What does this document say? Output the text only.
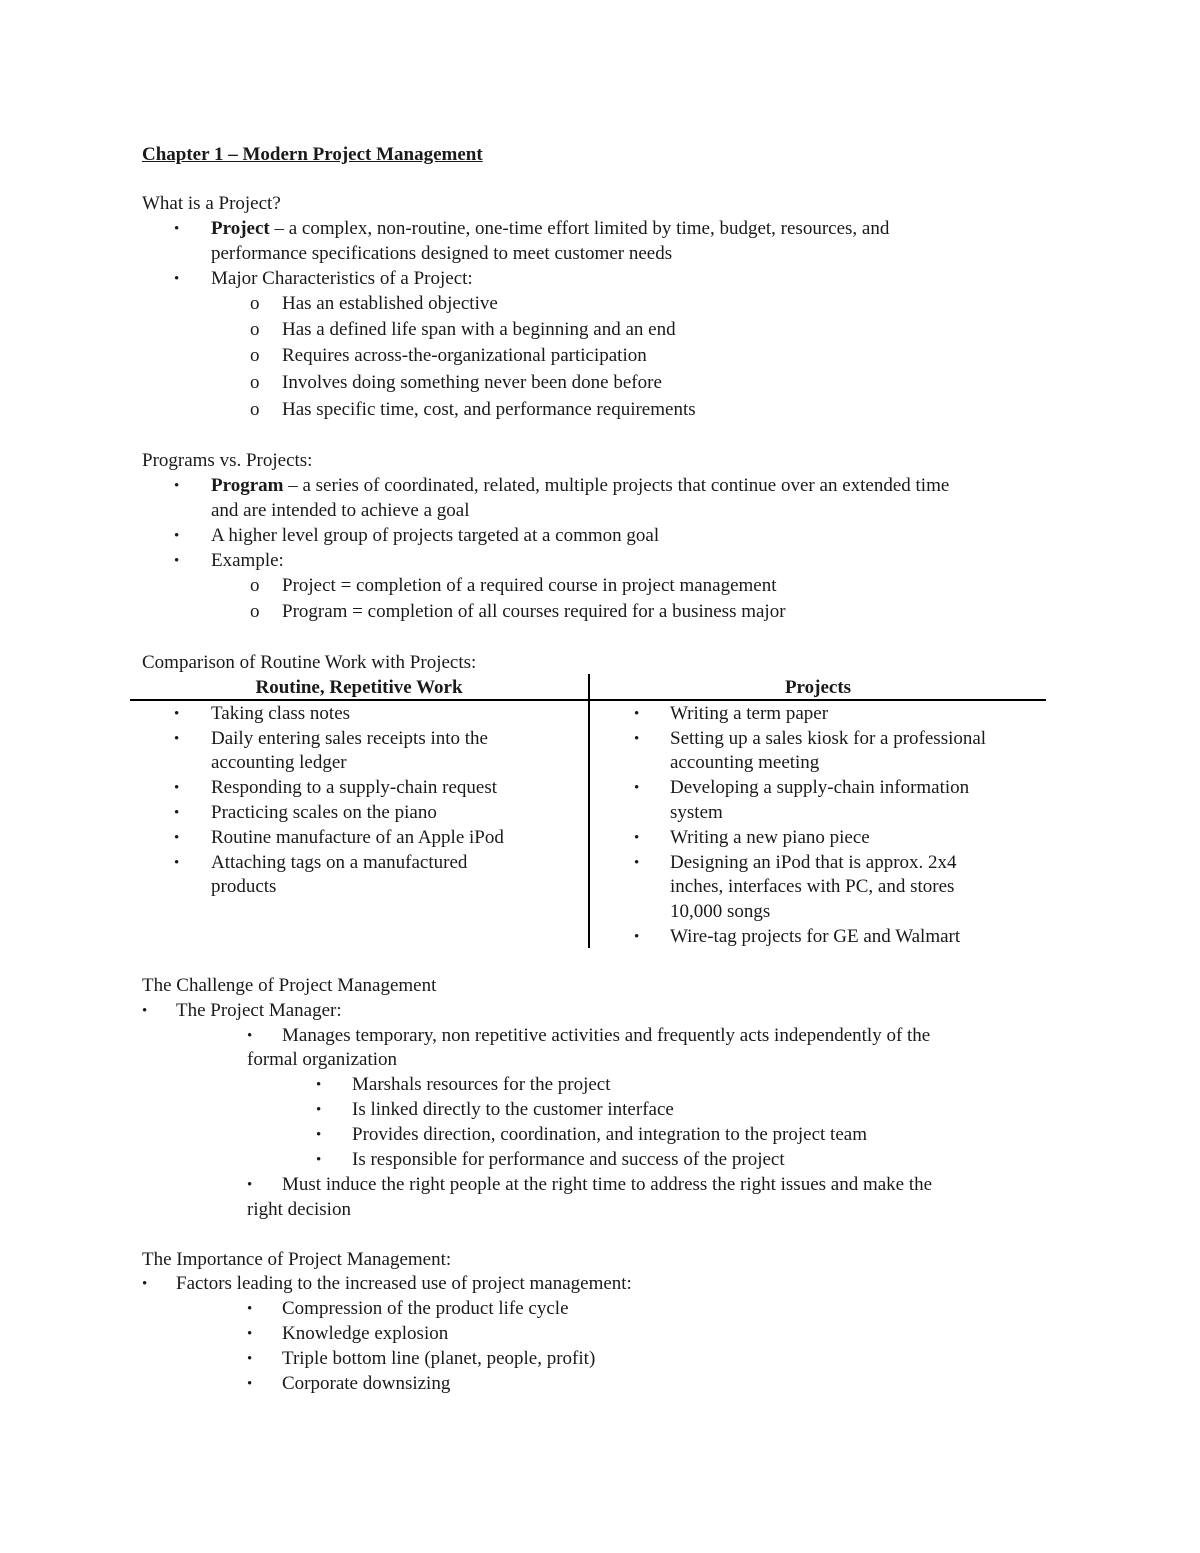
Chapter 1 – Modern Project Management
What is a Project?
• Project – a complex, non-routine, one-time effort limited by time, budget, resources, and
performance specifications designed to meet customer needs
• Major Characteristics of a Project:
o Has an established objective
o Has a defined life span with a beginning and an end
o Requires across-the-organizational participation
o Involves doing something never been done before
o Has specific time, cost, and performance requirements
Programs vs. Projects:
• Program – a series of coordinated, related, multiple projects that continue over an extended time
and are intended to achieve a goal
• A higher level group of projects targeted at a common goal
• Example:
o Project = completion of a required course in project management
o Program = completion of all courses required for a business major
Comparison of Routine Work with Projects:
Routine, Repetitive Work	Projects
• Taking class notes
• Daily entering sales receipts into the
accounting ledger
• Responding to a supply-chain request
• Practicing scales on the piano
• Routine manufacture of an Apple iPod
• Attaching tags on a manufactured
products
• Writing a term paper
• Setting up a sales kiosk for a professional
accounting meeting
• Developing a supply-chain information
system
• Writing a new piano piece
• Designing an iPod that is approx. 2x4
inches, interfaces with PC, and stores
10,000 songs
• Wire-tag projects for GE and Walmart
The Challenge of Project Management
• The Project Manager:
• Manages temporary, non repetitive activities and frequently acts independently of the
formal organization
• Marshals resources for the project
• Is linked directly to the customer interface
• Provides direction, coordination, and integration to the project team
• Is responsible for performance and success of the project
• Must induce the right people at the right time to address the right issues and make the
right decision
The Importance of Project Management:
• Factors leading to the increased use of project management:
• Compression of the product life cycle
• Knowledge explosion
• Triple bottom line (planet, people, profit)
• Corporate downsizing
